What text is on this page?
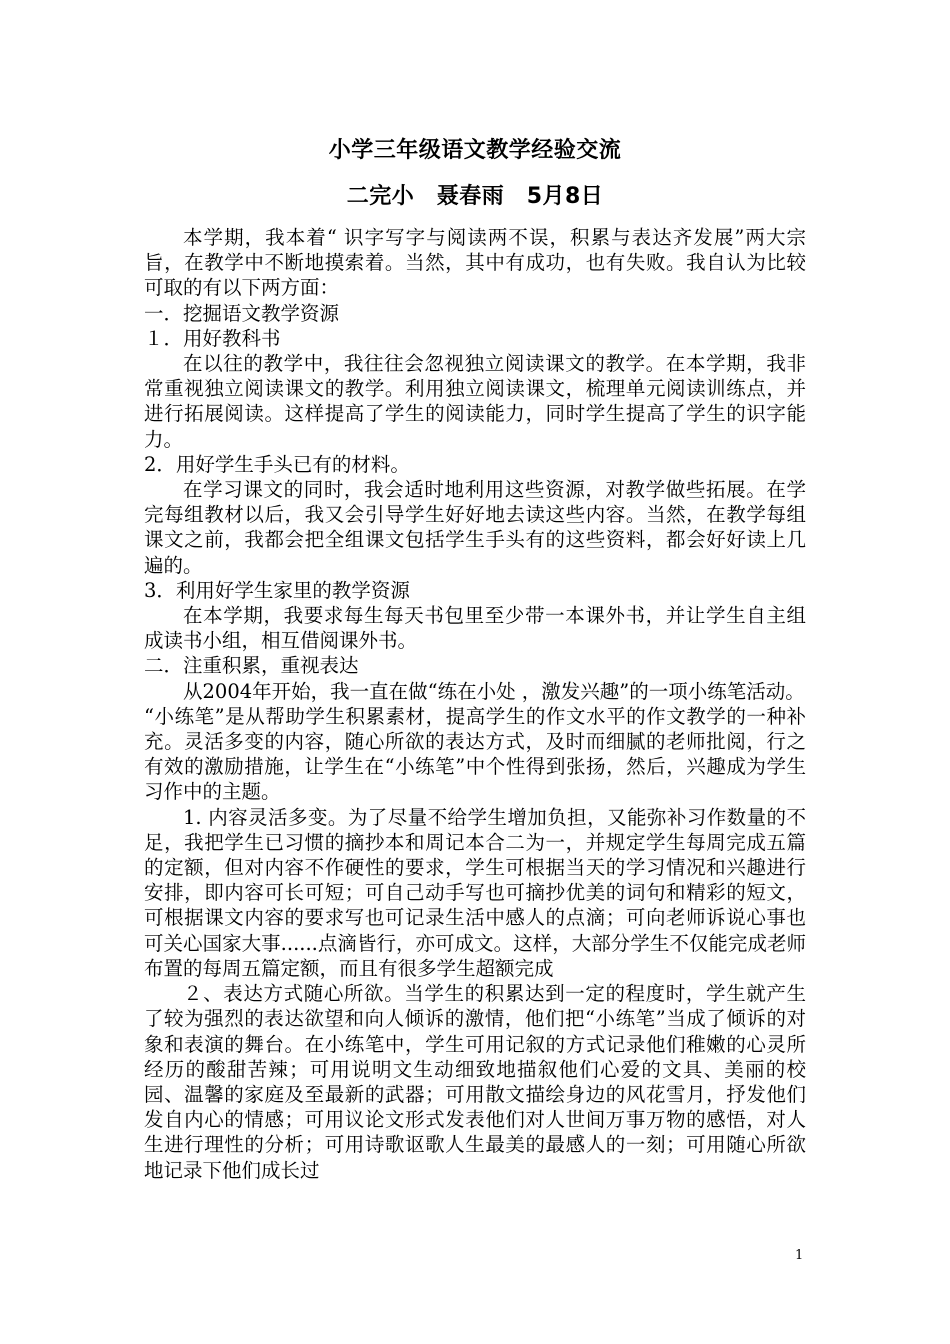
小学三年级语文教学经验交流
二完小　聂春雨　5月8日

本学期，我本着“ 识字写字与阅读两不误，积累与表达齐发展”两大宗旨，在教学中不断地摸索着。当然，其中有成功，也有失败。我自认为比较可取的有以下两方面：

一．挖掘语文教学资源

１．用好教科书

在以往的教学中，我往往会忽视独立阅读课文的教学。在本学期，我非常重视独立阅读课文的教学。利用独立阅读课文，梳理单元阅读训练点，并进行拓展阅读。这样提高了学生的阅读能力，同时学生提高了学生的识字能力。

2．用好学生手头已有的材料。

在学习课文的同时，我会适时地利用这些资源，对教学做些拓展。在学完每组教材以后，我又会引导学生好好地去读这些内容。当然，在教学每组课文之前，我都会把全组课文包括学生手头有的这些资料，都会好好读上几遍的。

3．利用好学生家里的教学资源

在本学期，我要求每生每天书包里至少带一本课外书，并让学生自主组成读书小组，相互借阅课外书。

二．注重积累，重视表达

从2004年开始，我一直在做“练在小处 ，激发兴趣”的一项小练笔活动。

“小练笔”是从帮助学生积累素材，提高学生的作文水平的作文教学的一种补充。灵活多变的内容，随心所欲的表达方式，及时而细腻的老师批阅，行之有效的激励措施，让学生在“小练笔”中个性得到张扬，然后，兴趣成为学生习作中的主题。

1. 内容灵活多变。为了尽量不给学生增加负担，又能弥补习作数量的不足，我把学生已习惯的摘抄本和周记本合二为一，并规定学生每周完成五篇的定额，但对内容不作硬性的要求，学生可根据当天的学习情况和兴趣进行安排，即内容可长可短；可自己动手写也可摘抄优美的词句和精彩的短文，可根据课文内容的要求写也可记录生活中感人的点滴；可向老师诉说心事也可关心国家大事......点滴皆行，亦可成文。这样，大部分学生不仅能完成老师布置的每周五篇定额，而且有很多学生超额完成

２、表达方式随心所欲。当学生的积累达到一定的程度时，学生就产生了较为强烈的表达欲望和向人倾诉的激情，他们把“小练笔”当成了倾诉的对象和表演的舞台。在小练笔中，学生可用记叙的方式记录他们稚嫩的心灵所经历的酸甜苦辣；可用说明文生动细致地描叙他们心爱的文具、美丽的校园、温馨的家庭及至最新的武器；可用散文描绘身边的风花雪月，抒发他们发自内心的情感；可用议论文形式发表他们对人世间万事万物的感悟，对人生进行理性的分析；可用诗歌讴歌人生最美的最感人的一刻；可用随心所欲地记录下他们成长过

1
